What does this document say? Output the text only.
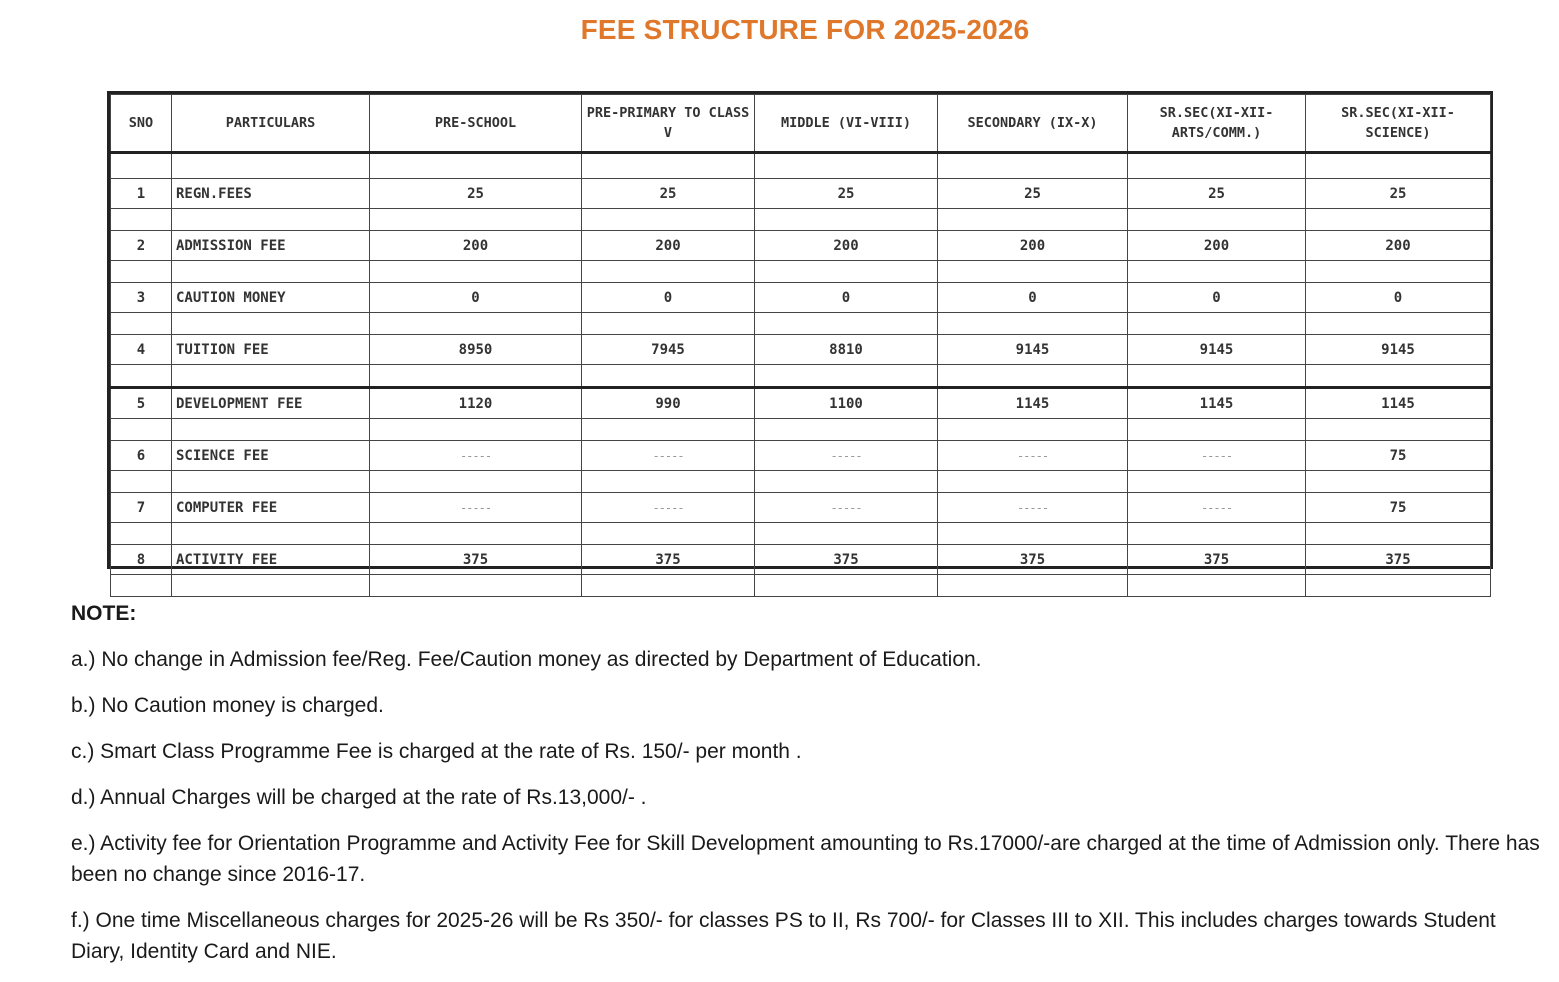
FEE STRUCTURE FOR 2025-2026
SNO	PARTICULARS	PRE-SCHOOL	PRE-PRIMARY TO CLASS V	MIDDLE (VI-VIII)	SECONDARY (IX-X)	SR.SEC(XI-XII-ARTS/COMM.)	SR.SEC(XI-XII-SCIENCE)

1	REGN.FEES	25	25	25	25	25	25

2	ADMISSION FEE	200	200	200	200	200	200

3	CAUTION MONEY	0	0	0	0	0	0

4	TUITION FEE	8950	7945	8810	9145	9145	9145

5	DEVELOPMENT FEE	1120	990	1100	1145	1145	1145

6	SCIENCE FEE	-----	-----	-----	-----	-----	75

7	COMPUTER FEE	-----	-----	-----	-----	-----	75

8	ACTIVITY FEE	375	375	375	375	375	375

NOTE:
a.) No change in Admission fee/Reg. Fee/Caution money as directed by Department of Education.
b.) No Caution money is charged.
c.) Smart Class Programme Fee is charged at the rate of Rs. 150/- per month .
d.) Annual Charges will be charged at the rate of Rs.13,000/- .
e.) Activity fee for Orientation Programme and Activity Fee for Skill Development amounting to Rs.17000/-are charged at the time of Admission only. There has been no change since 2016-17.
f.) One time Miscellaneous charges for 2025-26 will be Rs 350/- for classes PS to II, Rs 700/- for Classes III to XII. This includes charges towards Student Diary, Identity Card and NIE.
